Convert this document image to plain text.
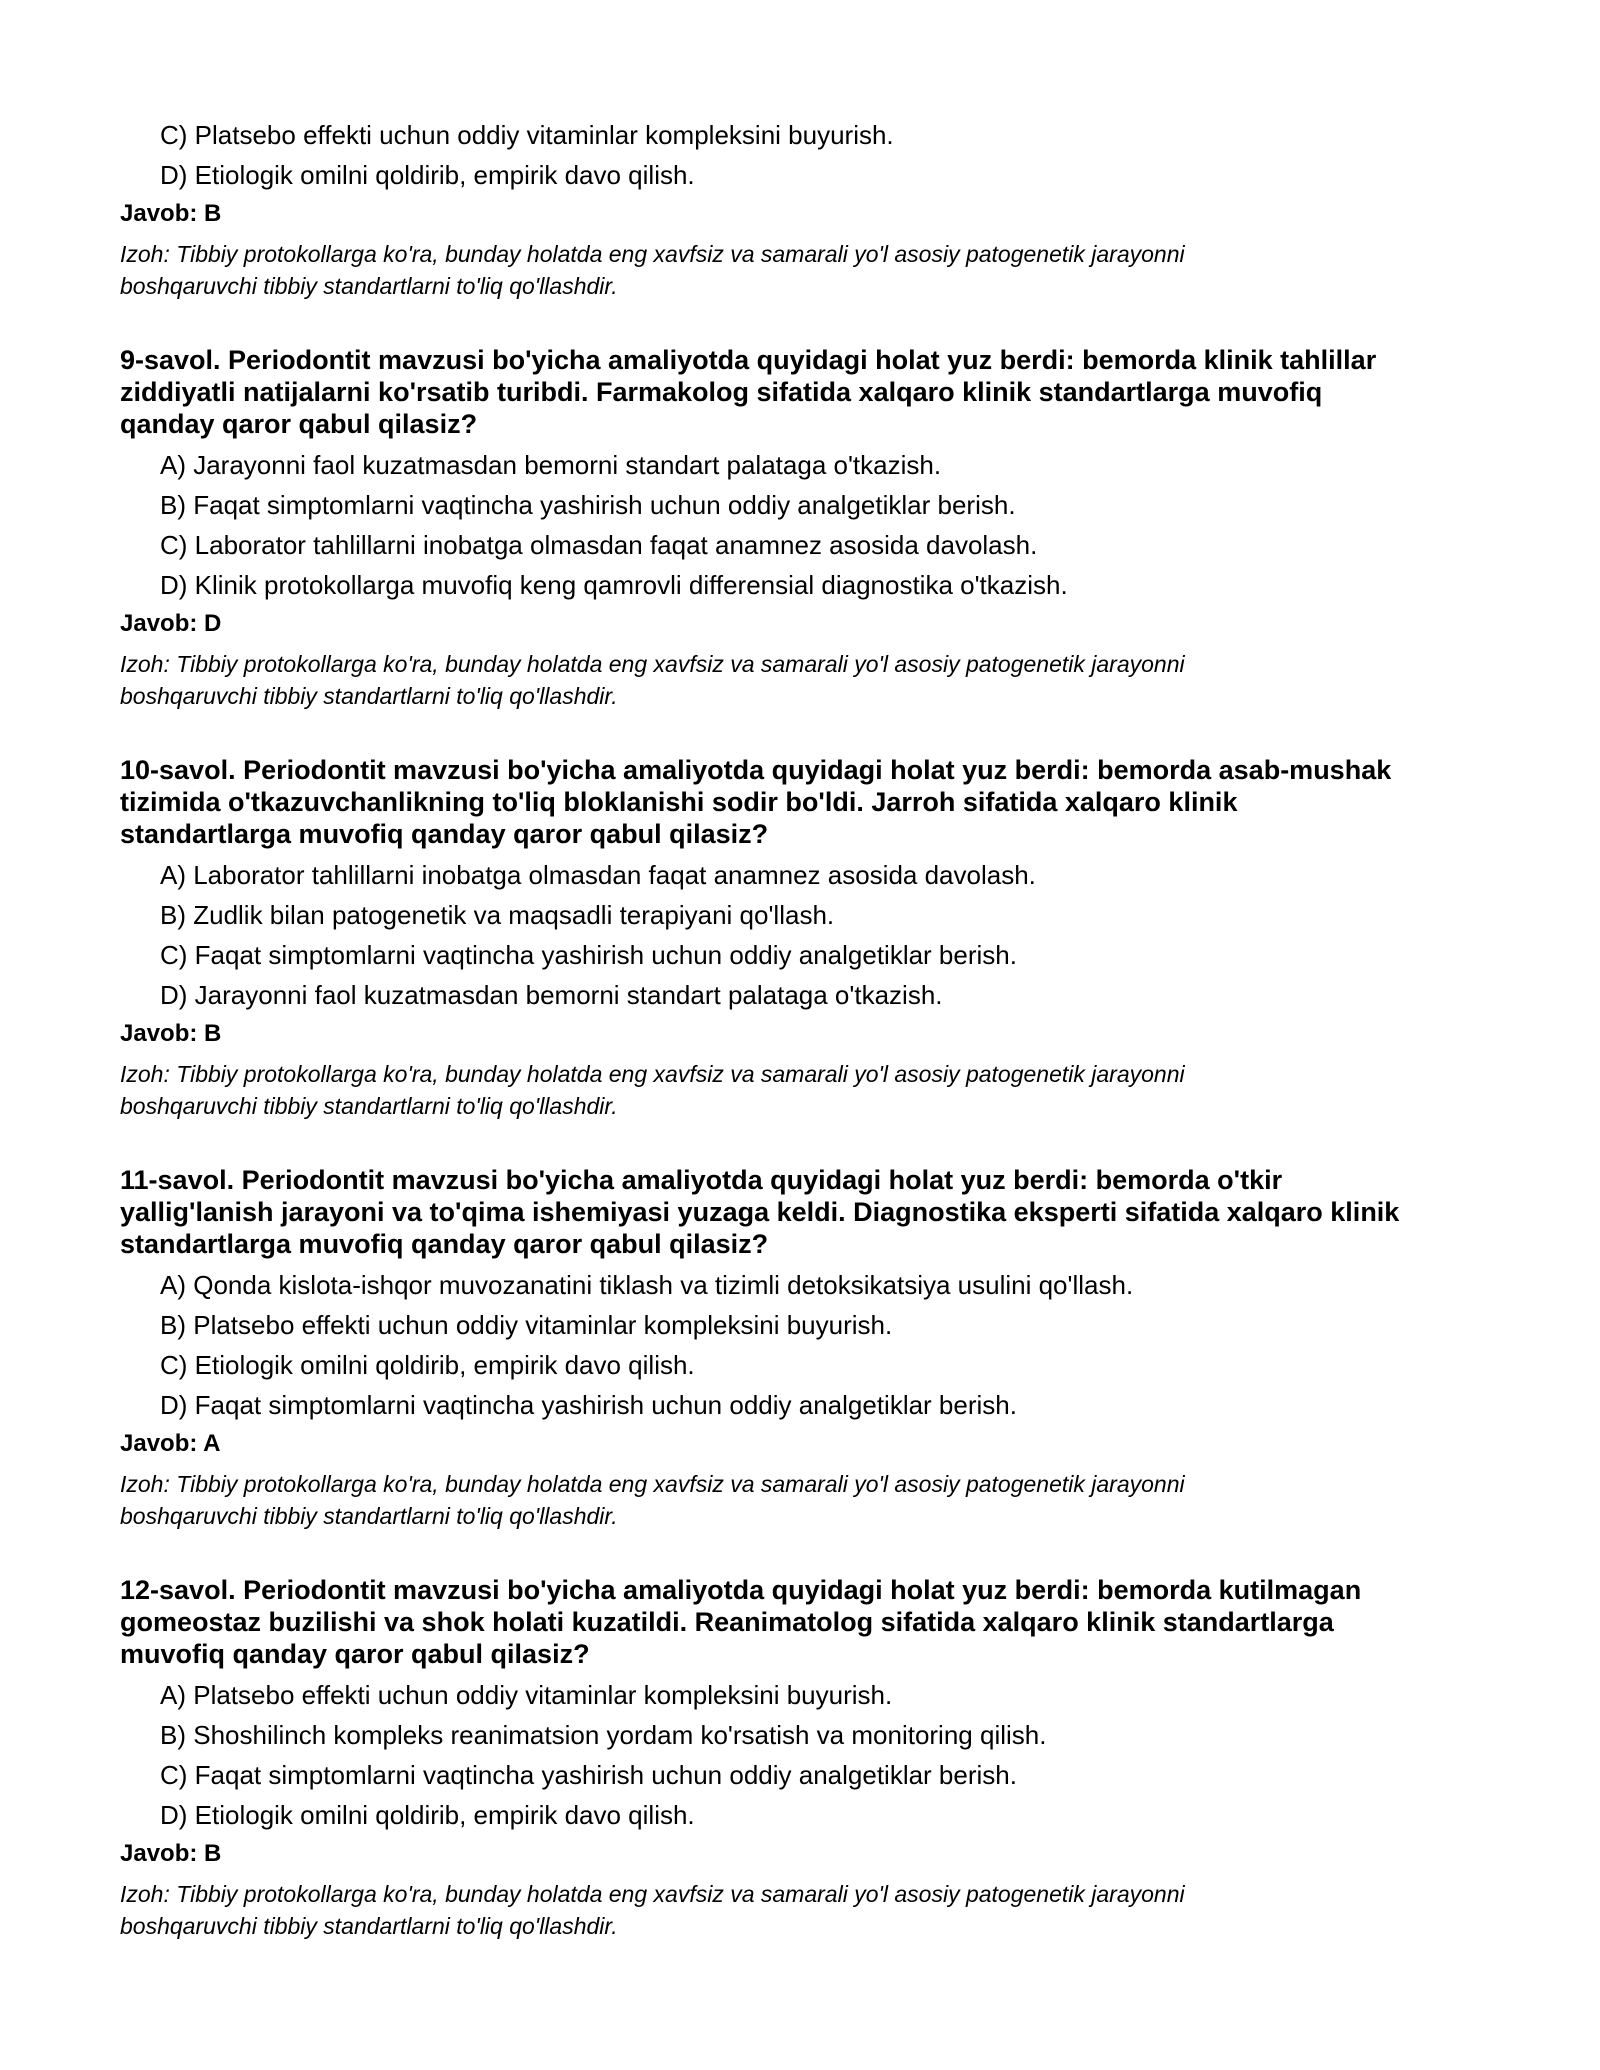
C) Platsebo effekti uchun oddiy vitaminlar kompleksini buyurish.
D) Etiologik omilni qoldirib, empirik davo qilish.
Javob: B
Izoh: Tibbiy protokollarga ko'ra, bunday holatda eng xavfsiz va samarali yo'l asosiy patogenetik jarayonni
boshqaruvchi tibbiy standartlarni to'liq qo'llashdir.
9-savol. Periodontit mavzusi bo'yicha amaliyotda quyidagi holat yuz berdi: bemorda klinik tahlillar
ziddiyatli natijalarni ko'rsatib turibdi. Farmakolog sifatida xalqaro klinik standartlarga muvofiq
qanday qaror qabul qilasiz?
A) Jarayonni faol kuzatmasdan bemorni standart palataga o'tkazish.
B) Faqat simptomlarni vaqtincha yashirish uchun oddiy analgetiklar berish.
C) Laborator tahlillarni inobatga olmasdan faqat anamnez asosida davolash.
D) Klinik protokollarga muvofiq keng qamrovli differensial diagnostika o'tkazish.
Javob: D
Izoh: Tibbiy protokollarga ko'ra, bunday holatda eng xavfsiz va samarali yo'l asosiy patogenetik jarayonni
boshqaruvchi tibbiy standartlarni to'liq qo'llashdir.
10-savol. Periodontit mavzusi bo'yicha amaliyotda quyidagi holat yuz berdi: bemorda asab-mushak
tizimida o'tkazuvchanlikning to'liq bloklanishi sodir bo'ldi. Jarroh sifatida xalqaro klinik
standartlarga muvofiq qanday qaror qabul qilasiz?
A) Laborator tahlillarni inobatga olmasdan faqat anamnez asosida davolash.
B) Zudlik bilan patogenetik va maqsadli terapiyani qo'llash.
C) Faqat simptomlarni vaqtincha yashirish uchun oddiy analgetiklar berish.
D) Jarayonni faol kuzatmasdan bemorni standart palataga o'tkazish.
Javob: B
Izoh: Tibbiy protokollarga ko'ra, bunday holatda eng xavfsiz va samarali yo'l asosiy patogenetik jarayonni
boshqaruvchi tibbiy standartlarni to'liq qo'llashdir.
11-savol. Periodontit mavzusi bo'yicha amaliyotda quyidagi holat yuz berdi: bemorda o'tkir
yallig'lanish jarayoni va to'qima ishemiyasi yuzaga keldi. Diagnostika eksperti sifatida xalqaro klinik
standartlarga muvofiq qanday qaror qabul qilasiz?
A) Qonda kislota-ishqor muvozanatini tiklash va tizimli detoksikatsiya usulini qo'llash.
B) Platsebo effekti uchun oddiy vitaminlar kompleksini buyurish.
C) Etiologik omilni qoldirib, empirik davo qilish.
D) Faqat simptomlarni vaqtincha yashirish uchun oddiy analgetiklar berish.
Javob: A
Izoh: Tibbiy protokollarga ko'ra, bunday holatda eng xavfsiz va samarali yo'l asosiy patogenetik jarayonni
boshqaruvchi tibbiy standartlarni to'liq qo'llashdir.
12-savol. Periodontit mavzusi bo'yicha amaliyotda quyidagi holat yuz berdi: bemorda kutilmagan
gomeostaz buzilishi va shok holati kuzatildi. Reanimatolog sifatida xalqaro klinik standartlarga
muvofiq qanday qaror qabul qilasiz?
A) Platsebo effekti uchun oddiy vitaminlar kompleksini buyurish.
B) Shoshilinch kompleks reanimatsion yordam ko'rsatish va monitoring qilish.
C) Faqat simptomlarni vaqtincha yashirish uchun oddiy analgetiklar berish.
D) Etiologik omilni qoldirib, empirik davo qilish.
Javob: B
Izoh: Tibbiy protokollarga ko'ra, bunday holatda eng xavfsiz va samarali yo'l asosiy patogenetik jarayonni
boshqaruvchi tibbiy standartlarni to'liq qo'llashdir.
